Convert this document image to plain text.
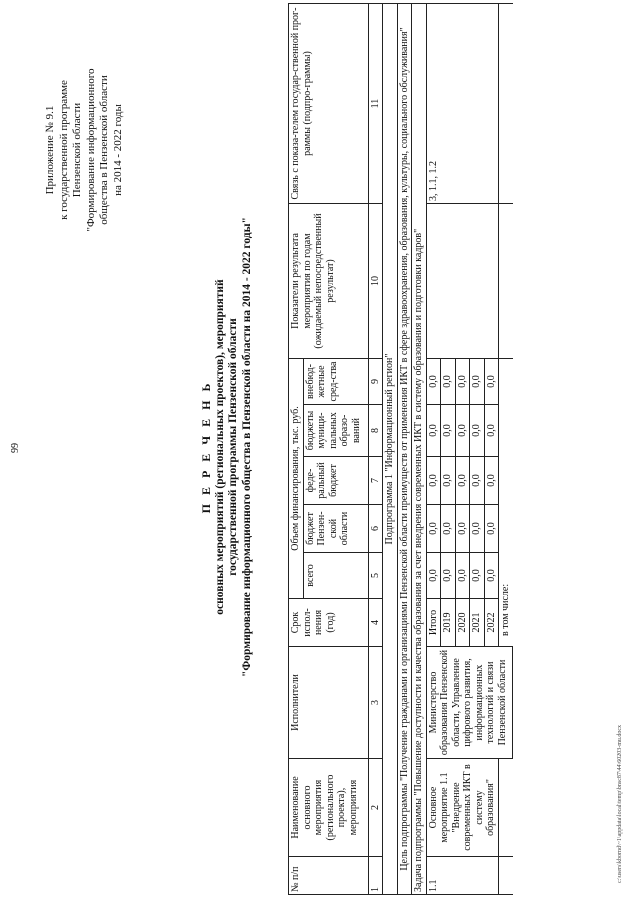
99
Приложение № 9.1 к государственной программе Пензенской области "Формирование информационного общества в Пензенской области на 2014 - 2022 годы
П Е Р Е Ч Е Н Ь основных мероприятий (региональных проектов), мероприятий государственной программы Пензенской области "Формирование информационного общества в Пензенской области на 2014 - 2022 годы"
№ п/п	Наименование основного мероприятия (регионального проекта), мероприятия	Исполнители	Срок испол-нения (год)	Объем финансирования, тыс. руб.					Показатели результата мероприятия по годам (ожидаемый непосредственный результат)	Связь с показа-телем государ-ственной прог-раммы (подпро-граммы)
				всего	бюджет Пензен-ской области	феде-ральный бюджет	бюджеты муници-пальных образо-ваний	внебюд-жетные сред-ства		
1	2	3	4	5	6	7	8	9	10	11
Подпрограмма 1 "Информационный регион"										
Цель подпрограммы "Получение гражданами и организациями Пензенской области преимуществ от применения ИКТ в сфере здравоохранения, образования, культуры, социального обслуживания"										
Задача подпрограммы "Повышение доступности и качества образования за счет внедрения современных ИКТ в систему образования и подготовки кадров"										
1.1	Основное мероприятие 1.1 "Внедрение современных ИКТ в систему образования"	Министерство образования Пензенской области, Управление цифрового развития, информационных технологий и связи Пензенской области	Итого	0,0	0,0	0,0	0,0	0,0		3, 1.1, 1.2
			2019	0,0	0,0	0,0	0,0	0,0		
			2020	0,0	0,0	0,0	0,0	0,0		
			2021	0,0	0,0	0,0	0,0	0,0		
			2022	0,0	0,0	0,0	0,0	0,0		
			в том числе:							
c:\users\kbornd\~1\appdata\local\temp\bnsc87\44\60203-mu.docx
